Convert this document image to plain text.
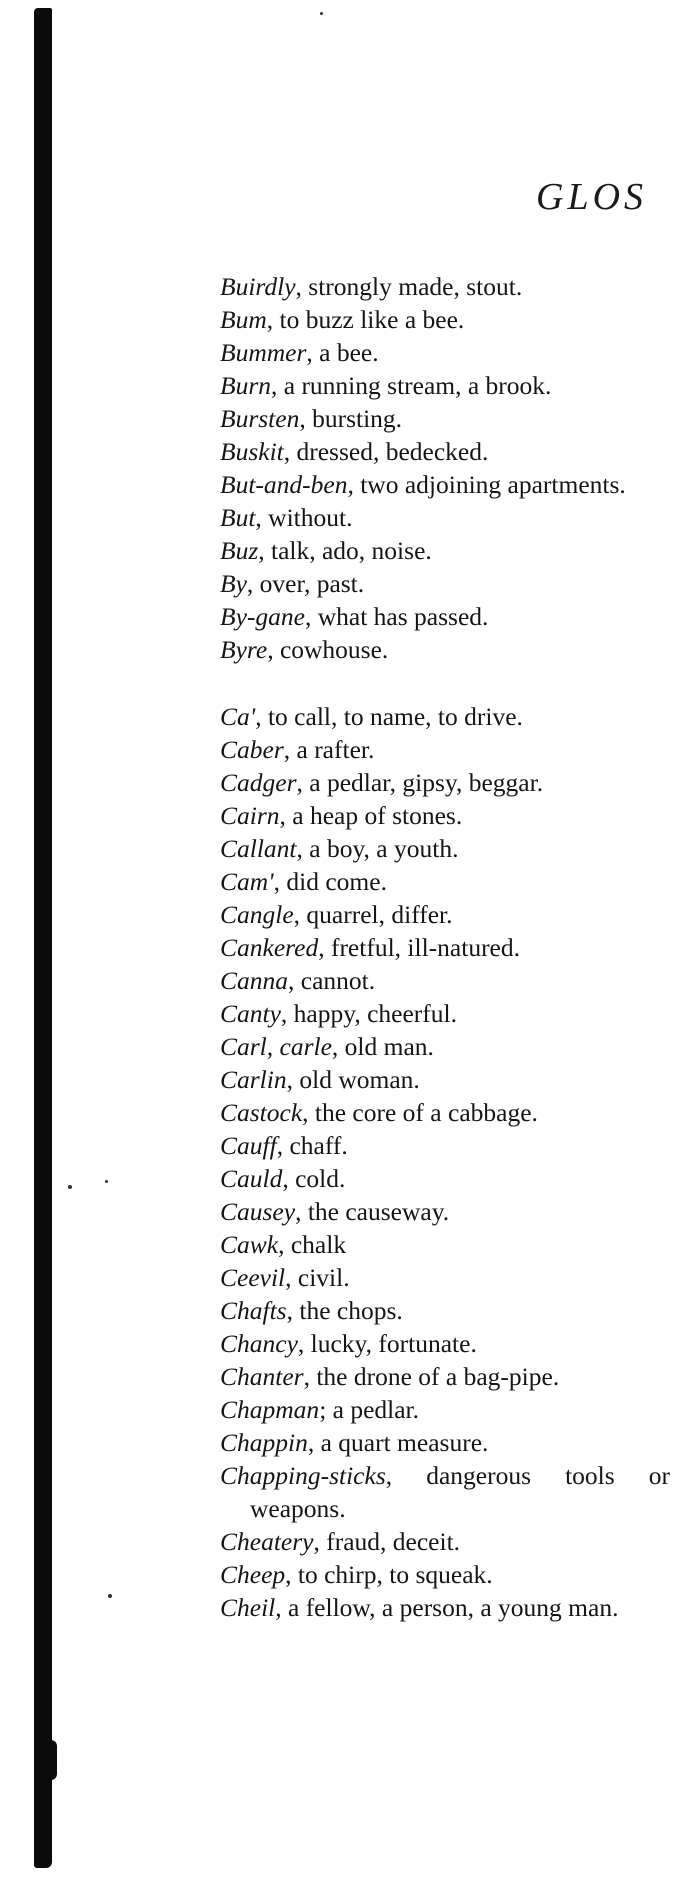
GLOS
Buirdly, strongly made, stout.
Bum, to buzz like a bee.
Bummer, a bee.
Burn, a running stream, a brook.
Bursten, bursting.
Buskit, dressed, bedecked.
But-and-ben, two adjoining apartments.
But, without.
Buz, talk, ado, noise.
By, over, past.
By-gane, what has passed.
Byre, cowhouse.
Ca', to call, to name, to drive.
Caber, a rafter.
Cadger, a pedlar, gipsy, beggar.
Cairn, a heap of stones.
Callant, a boy, a youth.
Cam', did come.
Cangle, quarrel, differ.
Cankered, fretful, ill-natured.
Canna, cannot.
Canty, happy, cheerful.
Carl, carle, old man.
Carlin, old woman.
Castock, the core of a cabbage.
Cauff, chaff.
Cauld, cold.
Causey, the causeway.
Cawk, chalk
Ceevil, civil.
Chafts, the chops.
Chancy, lucky, fortunate.
Chanter, the drone of a bag-pipe.
Chapman; a pedlar.
Chappin, a quart measure.
Chapping-sticks, dangerous tools or weapons.
Cheatery, fraud, deceit.
Cheep, to chirp, to squeak.
Cheil, a fellow, a person, a young man.
